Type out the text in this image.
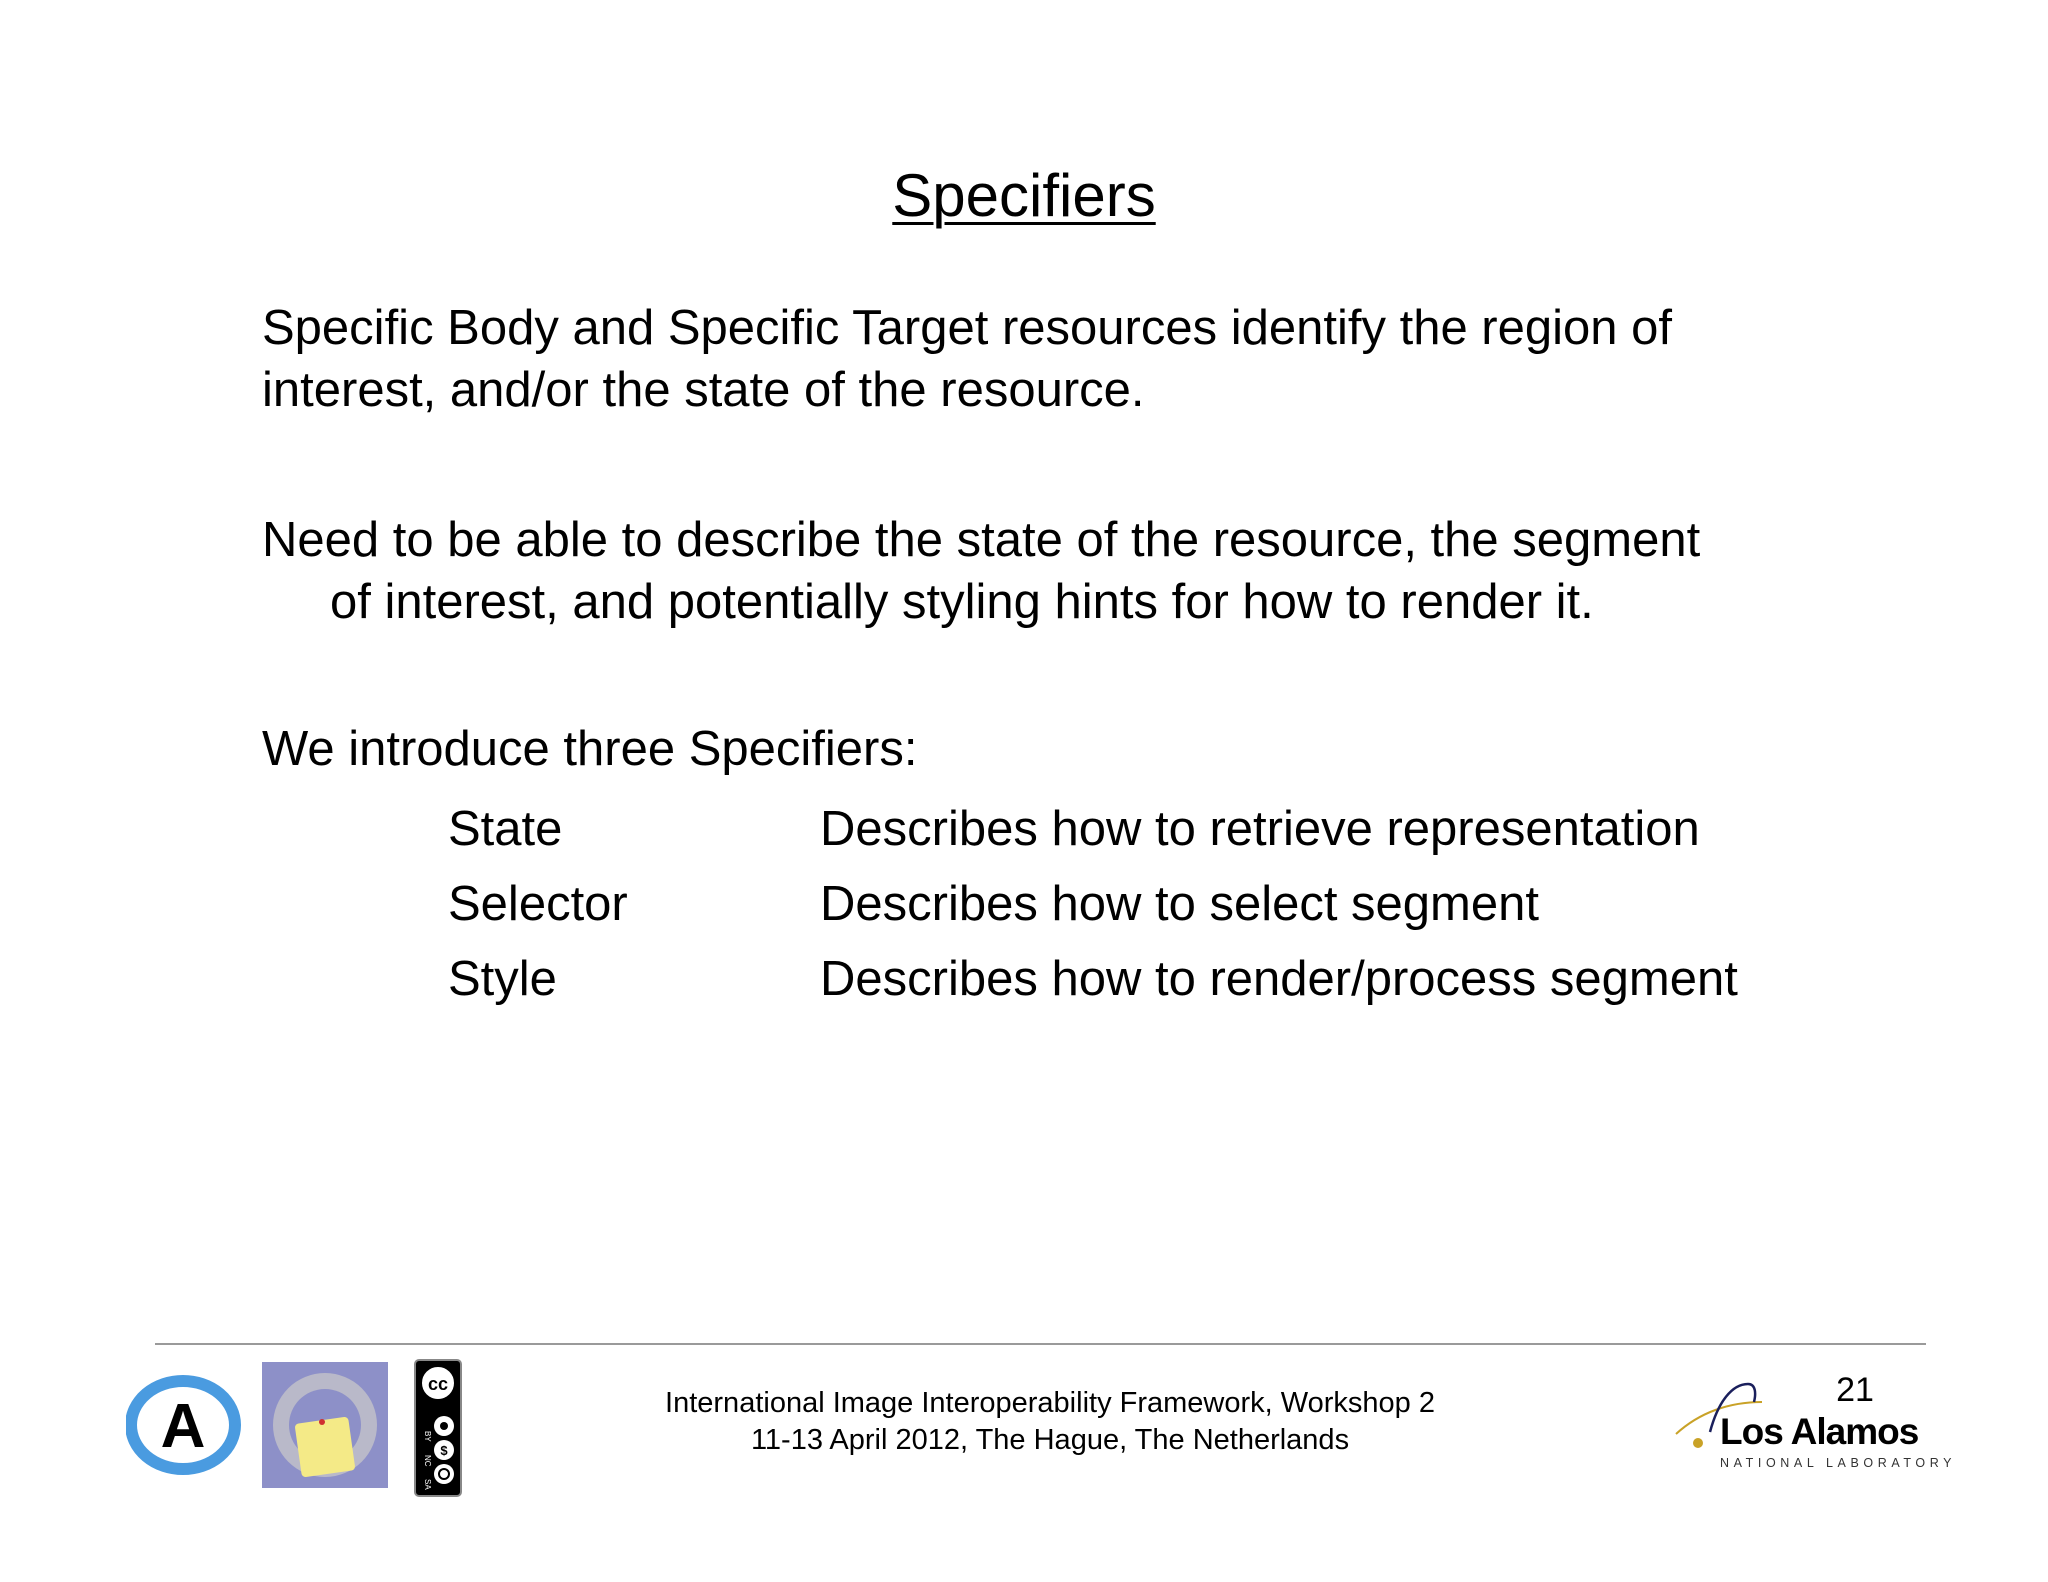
Specifiers

Specific Body and Specific Target resources identify the region of
interest, and/or the state of the resource.

Need to be able to describe the state of the resource, the segment
of interest, and potentially styling hints for how to render it.

We introduce three Specifiers:

State	Describes how to retrieve representation
Selector	Describes how to select segment
Style	Describes how to render/process segment
A
cc
$
BY
NC
SA
International Image Interoperability Framework, Workshop 2
11-13 April 2012, The Hague, The Netherlands
21
Los Alamos
NATIONAL LABORATORY
